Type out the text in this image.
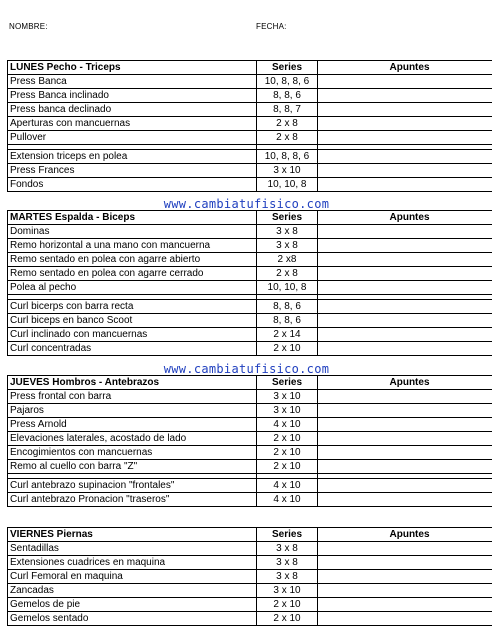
NOMBRE:	FECHA:
LUNES Pecho - Triceps	Series	Apuntes
Press Banca	10, 8, 8, 6	
Press Banca inclinado	8, 8, 6	
Press banca declinado	8, 8, 7	
Aperturas con mancuernas	2 x 8	
Pullover	2 x 8	

Extension triceps en polea	10, 8, 8, 6	
Press Frances	3 x 10	
Fondos	10, 10, 8	
MARTES Espalda - Biceps	Series	Apuntes
Dominas	3 x 8	
Remo horizontal a una mano con mancuerna	3 x 8	
Remo sentado en polea con agarre abierto	2 x8	
Remo sentado en polea con agarre cerrado	2 x 8	
Polea al pecho	10, 10, 8	

Curl bicerps con barra recta	8, 8, 6	
Curl biceps en banco Scoot	8, 8, 6	
Curl inclinado con mancuernas	2 x 14	
Curl concentradas	2 x 10	
JUEVES Hombros - Antebrazos	Series	Apuntes
Press frontal con barra	3 x 10	
Pajaros	3 x 10	
Press Arnold	4 x 10	
Elevaciones laterales, acostado de lado	2 x 10	
Encogimientos con mancuernas	2 x 10	
Remo al cuello con barra "Z"	2 x 10	

Curl antebrazo supinacion "frontales"	4 x 10	
Curl antebrazo Pronacion "traseros"	4 x 10	
VIERNES Piernas	Series	Apuntes
Sentadillas	3 x 8	
Extensiones cuadrices en maquina	3 x 8	
Curl Femoral en maquina	3 x 8	
Zancadas	3 x 10	
Gemelos de pie	2 x 10	
Gemelos sentado	2 x 10	
www.cambiatufisico.com
www.cambiatufisico.com
